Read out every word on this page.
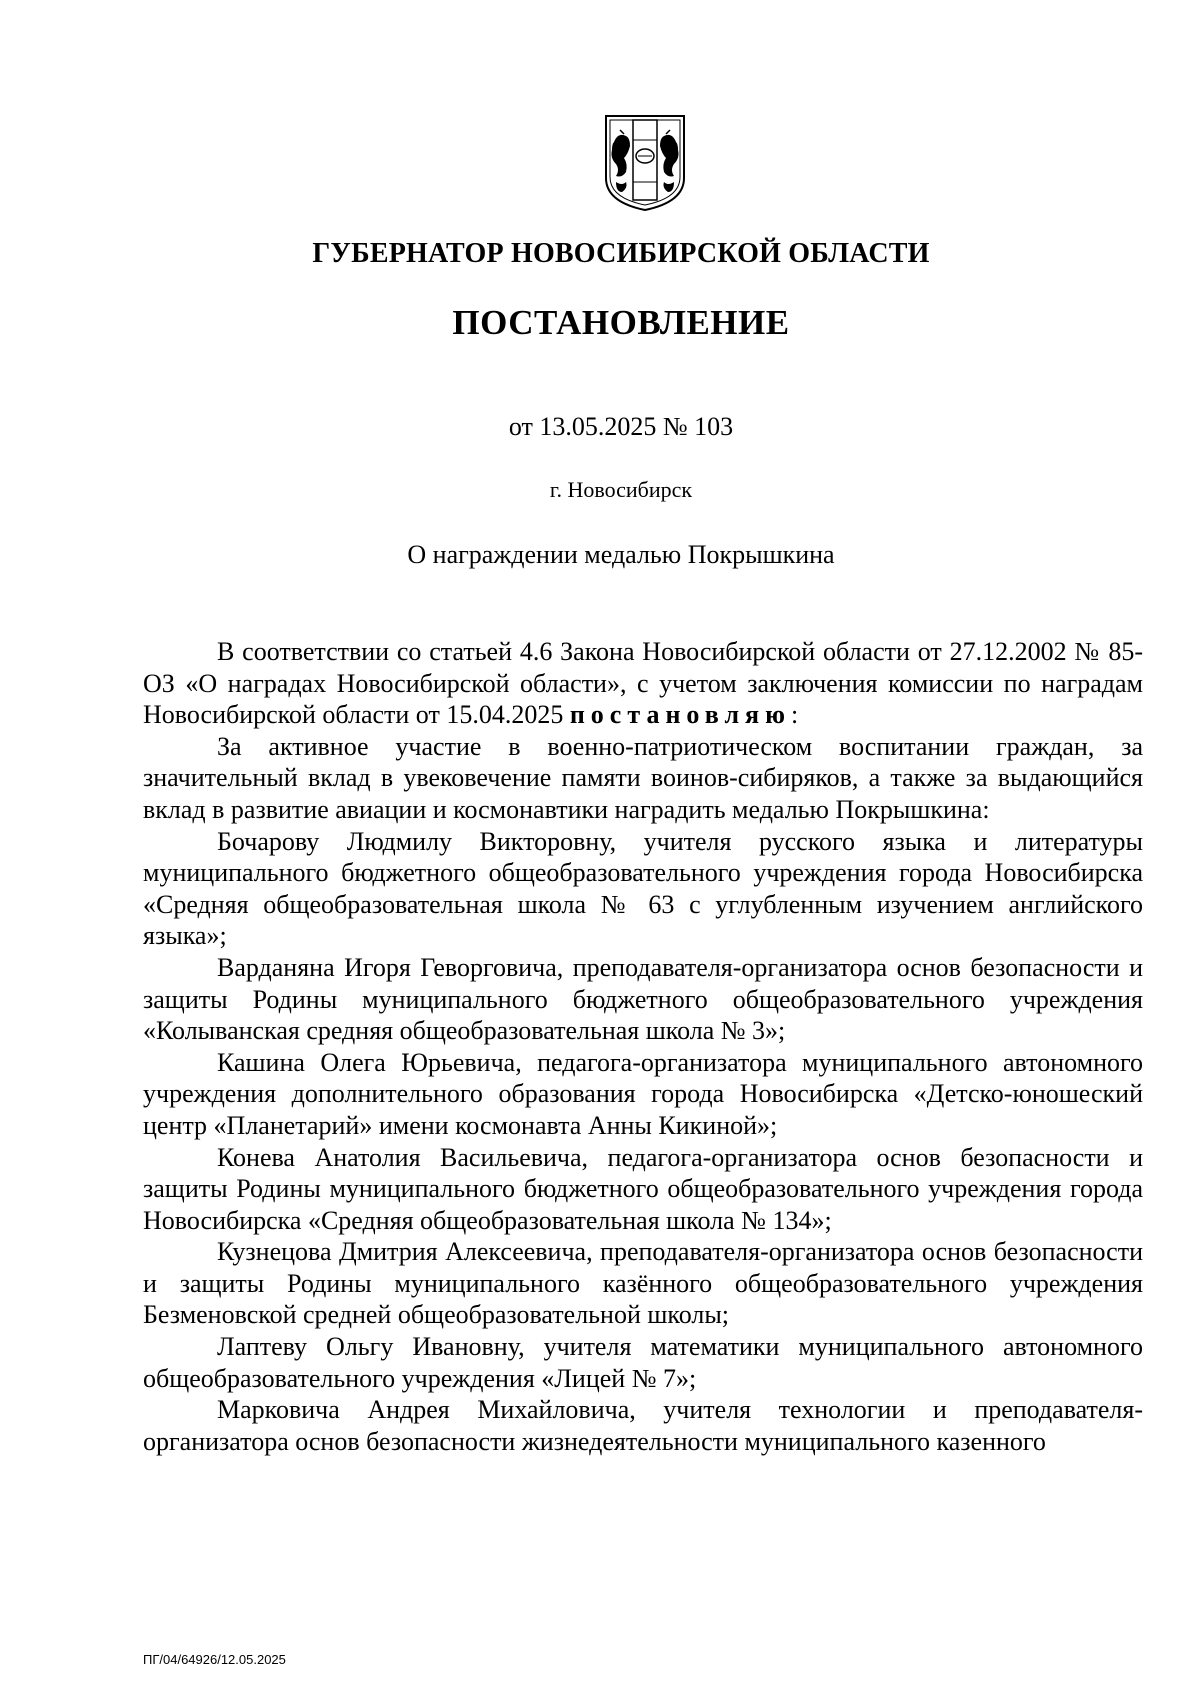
ГУБЕРНАТОР НОВОСИБИРСКОЙ ОБЛАСТИ
ПОСТАНОВЛЕНИЕ
от 13.05.2025 № 103
г. Новосибирск
О награждении медалью Покрышкина

В соответствии со статьей 4.6 Закона Новосибирской области от 27.12.2002 № 85-ОЗ «О наградах Новосибирской области», с учетом заключения комиссии по наградам Новосибирской области от 15.04.2025 постановляю:

За активное участие в военно-патриотическом воспитании граждан, за значительный вклад в увековечение памяти воинов-сибиряков, а также за выдающийся вклад в развитие авиации и космонавтики наградить медалью Покрышкина:

Бочарову Людмилу Викторовну, учителя русского языка и литературы муниципального бюджетного общеобразовательного учреждения города Новосибирска «Средняя общеобразовательная школа № 63 с углубленным изучением английского языка»;

Варданяна Игоря Геворговича, преподавателя-организатора основ безопасности и защиты Родины муниципального бюджетного общеобразовательного учреждения «Колыванская средняя общеобразовательная школа № 3»;

Кашина Олега Юрьевича, педагога-организатора муниципального автономного учреждения дополнительного образования города Новосибирска «Детско-юношеский центр «Планетарий» имени космонавта Анны Кикиной»;

Конева Анатолия Васильевича, педагога-организатора основ безопасности и защиты Родины муниципального бюджетного общеобразовательного учреждения города Новосибирска «Средняя общеобразовательная школа № 134»;

Кузнецова Дмитрия Алексеевича, преподавателя-организатора основ безопасности и защиты Родины муниципального казённого общеобразовательного учреждения Безменовской средней общеобразовательной школы;

Лаптеву Ольгу Ивановну, учителя математики муниципального автономного общеобразовательного учреждения «Лицей № 7»;

Марковича Андрея Михайловича, учителя технологии и преподавателя-организатора основ безопасности жизнедеятельности муниципального казенного

ПГ/04/64926/12.05.2025
